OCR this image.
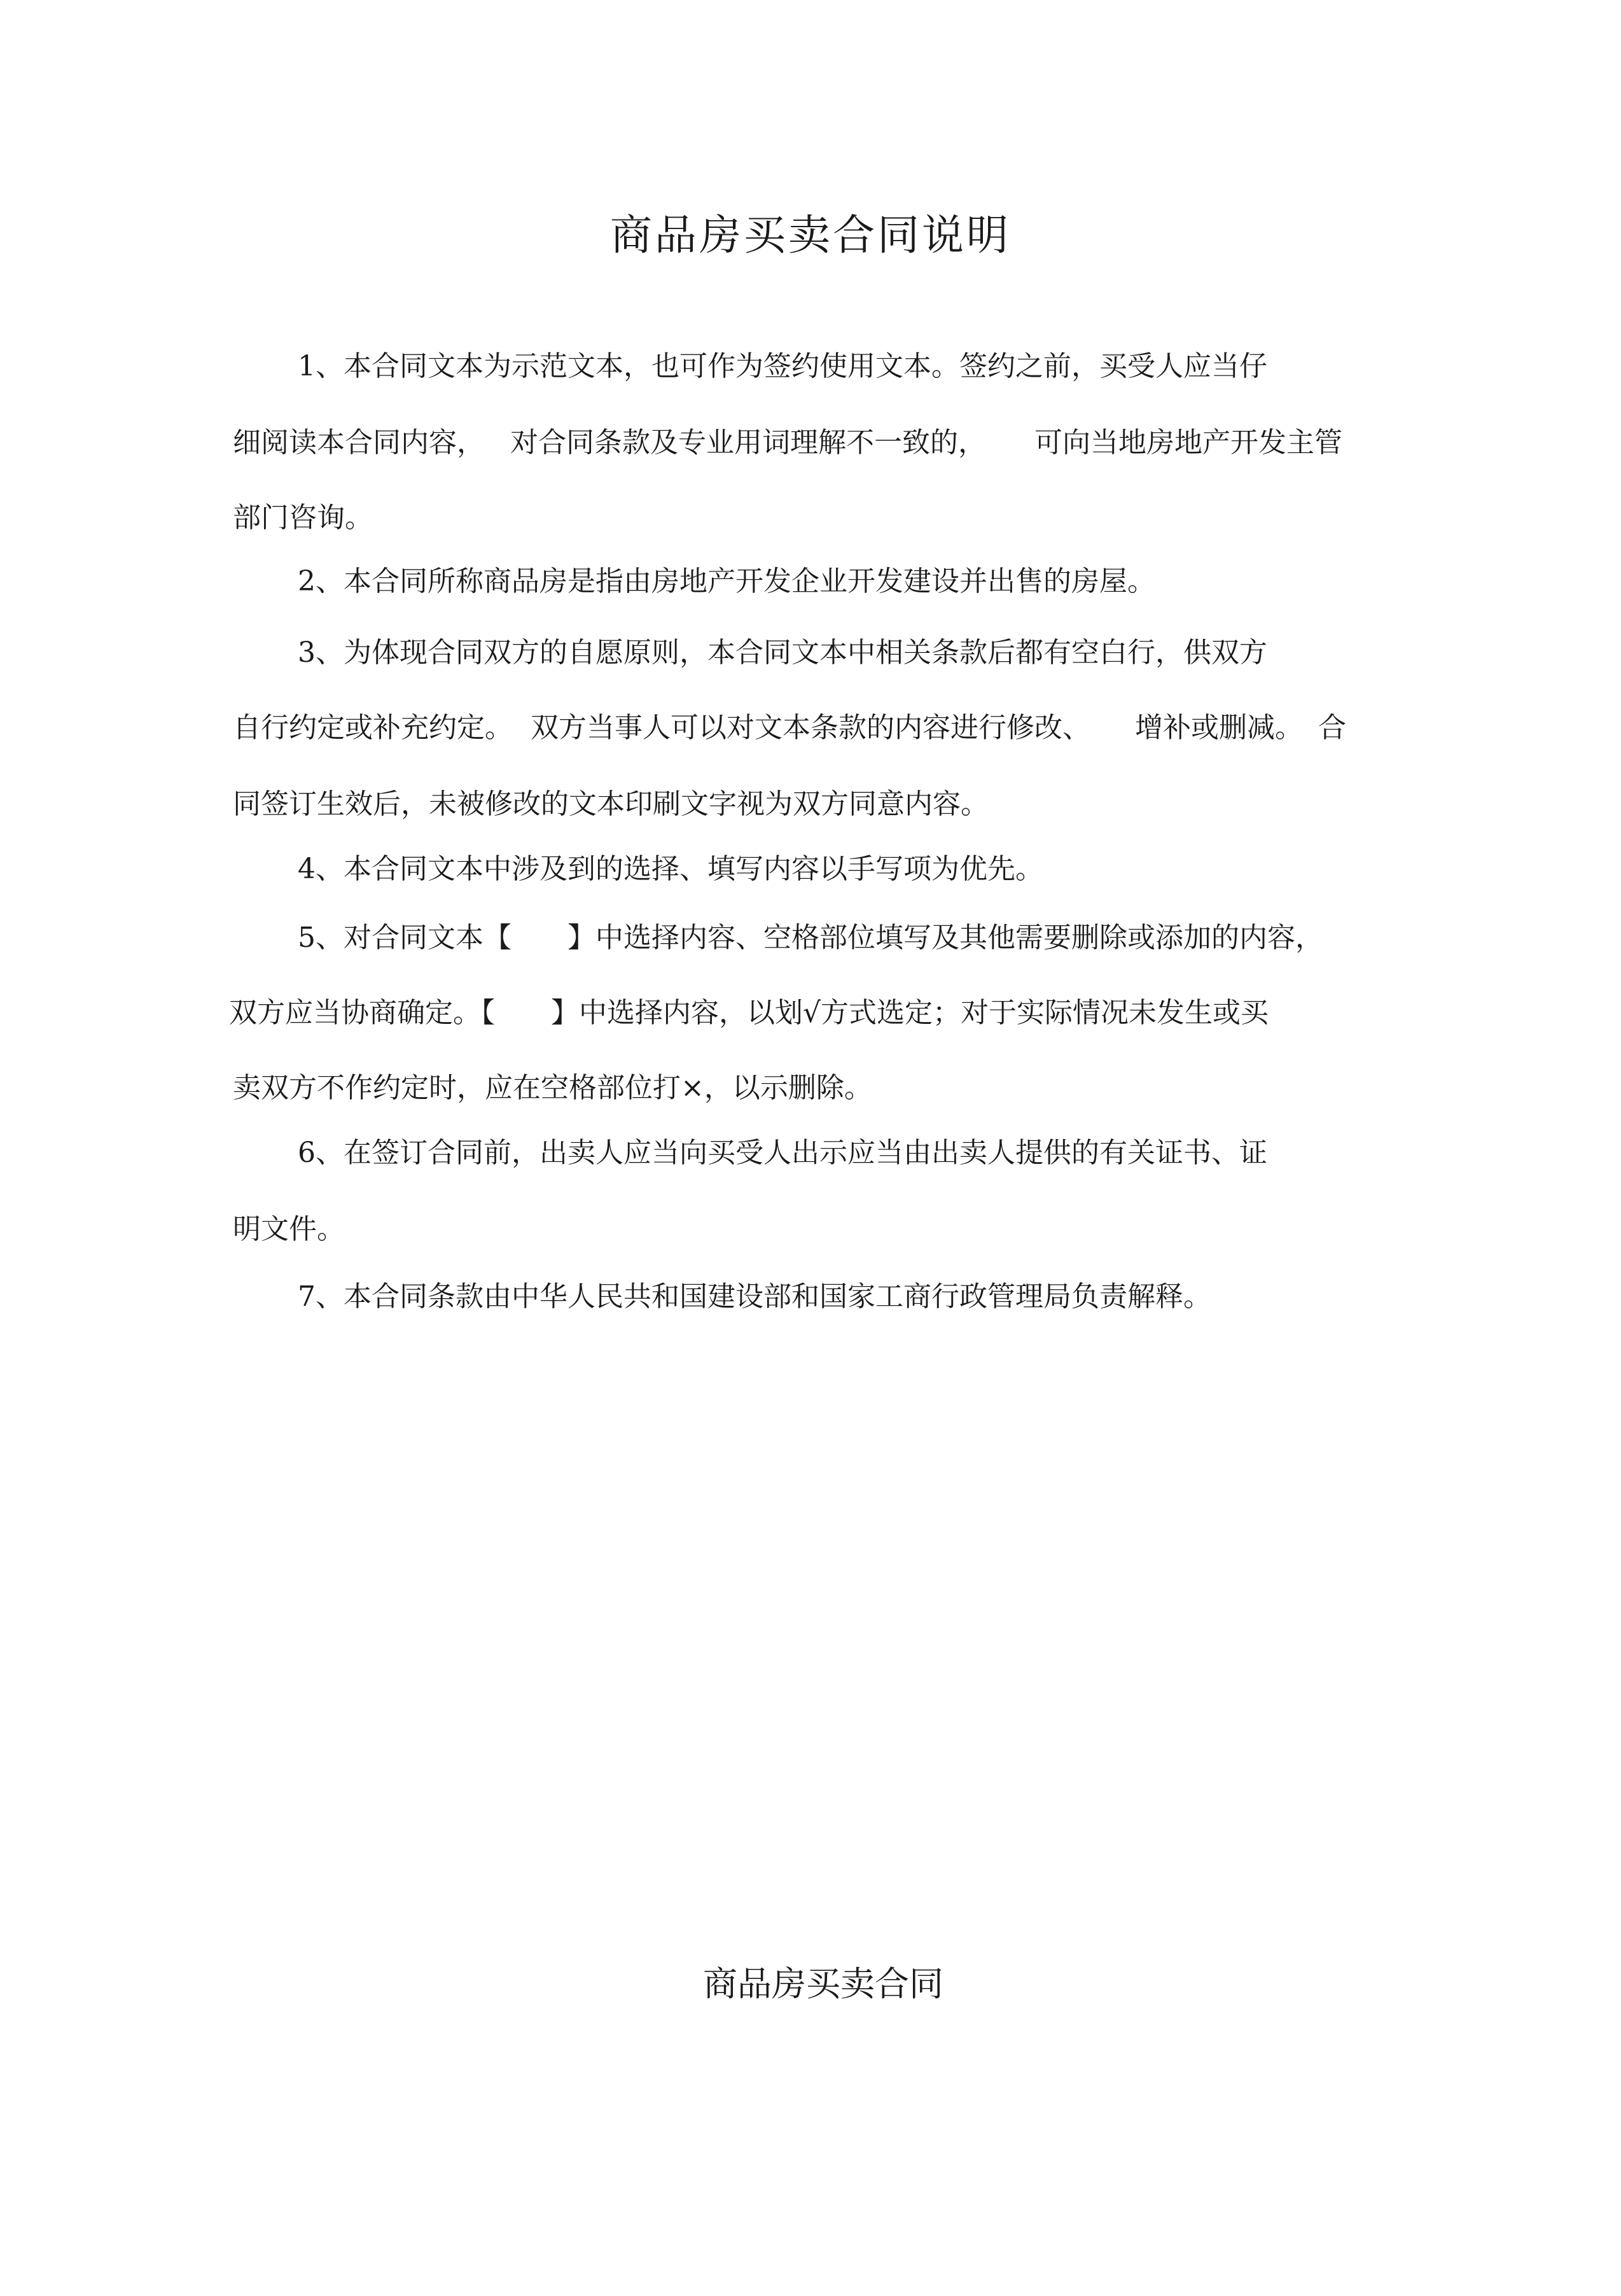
商品房买卖合同说明
1、本合同文本为示范文本，也可作为签约使用文本。签约之前，买受人应当仔
细阅读本合同内容， 对合同条款及专业用词理解不一致的， 可向当地房地产开发主管
部门咨询。
2、本合同所称商品房是指由房地产开发企业开发建设并出售的房屋。
3、为体现合同双方的自愿原则，本合同文本中相关条款后都有空白行，供双方
自行约定或补充约定。 双方当事人可以对文本条款的内容进行修改、 增补或删减。 合
同签订生效后，未被修改的文本印刷文字视为双方同意内容。
4、本合同文本中涉及到的选择、填写内容以手写项为优先。
5、对合同文本【　　】中选择内容、空格部位填写及其他需要删除或添加的内容，
双方应当协商确定。【　　】中选择内容，以划√方式选定；对于实际情况未发生或买
卖双方不作约定时，应在空格部位打×，以示删除。
6、在签订合同前，出卖人应当向买受人出示应当由出卖人提供的有关证书、证
明文件。
7、本合同条款由中华人民共和国建设部和国家工商行政管理局负责解释。
商品房买卖合同
